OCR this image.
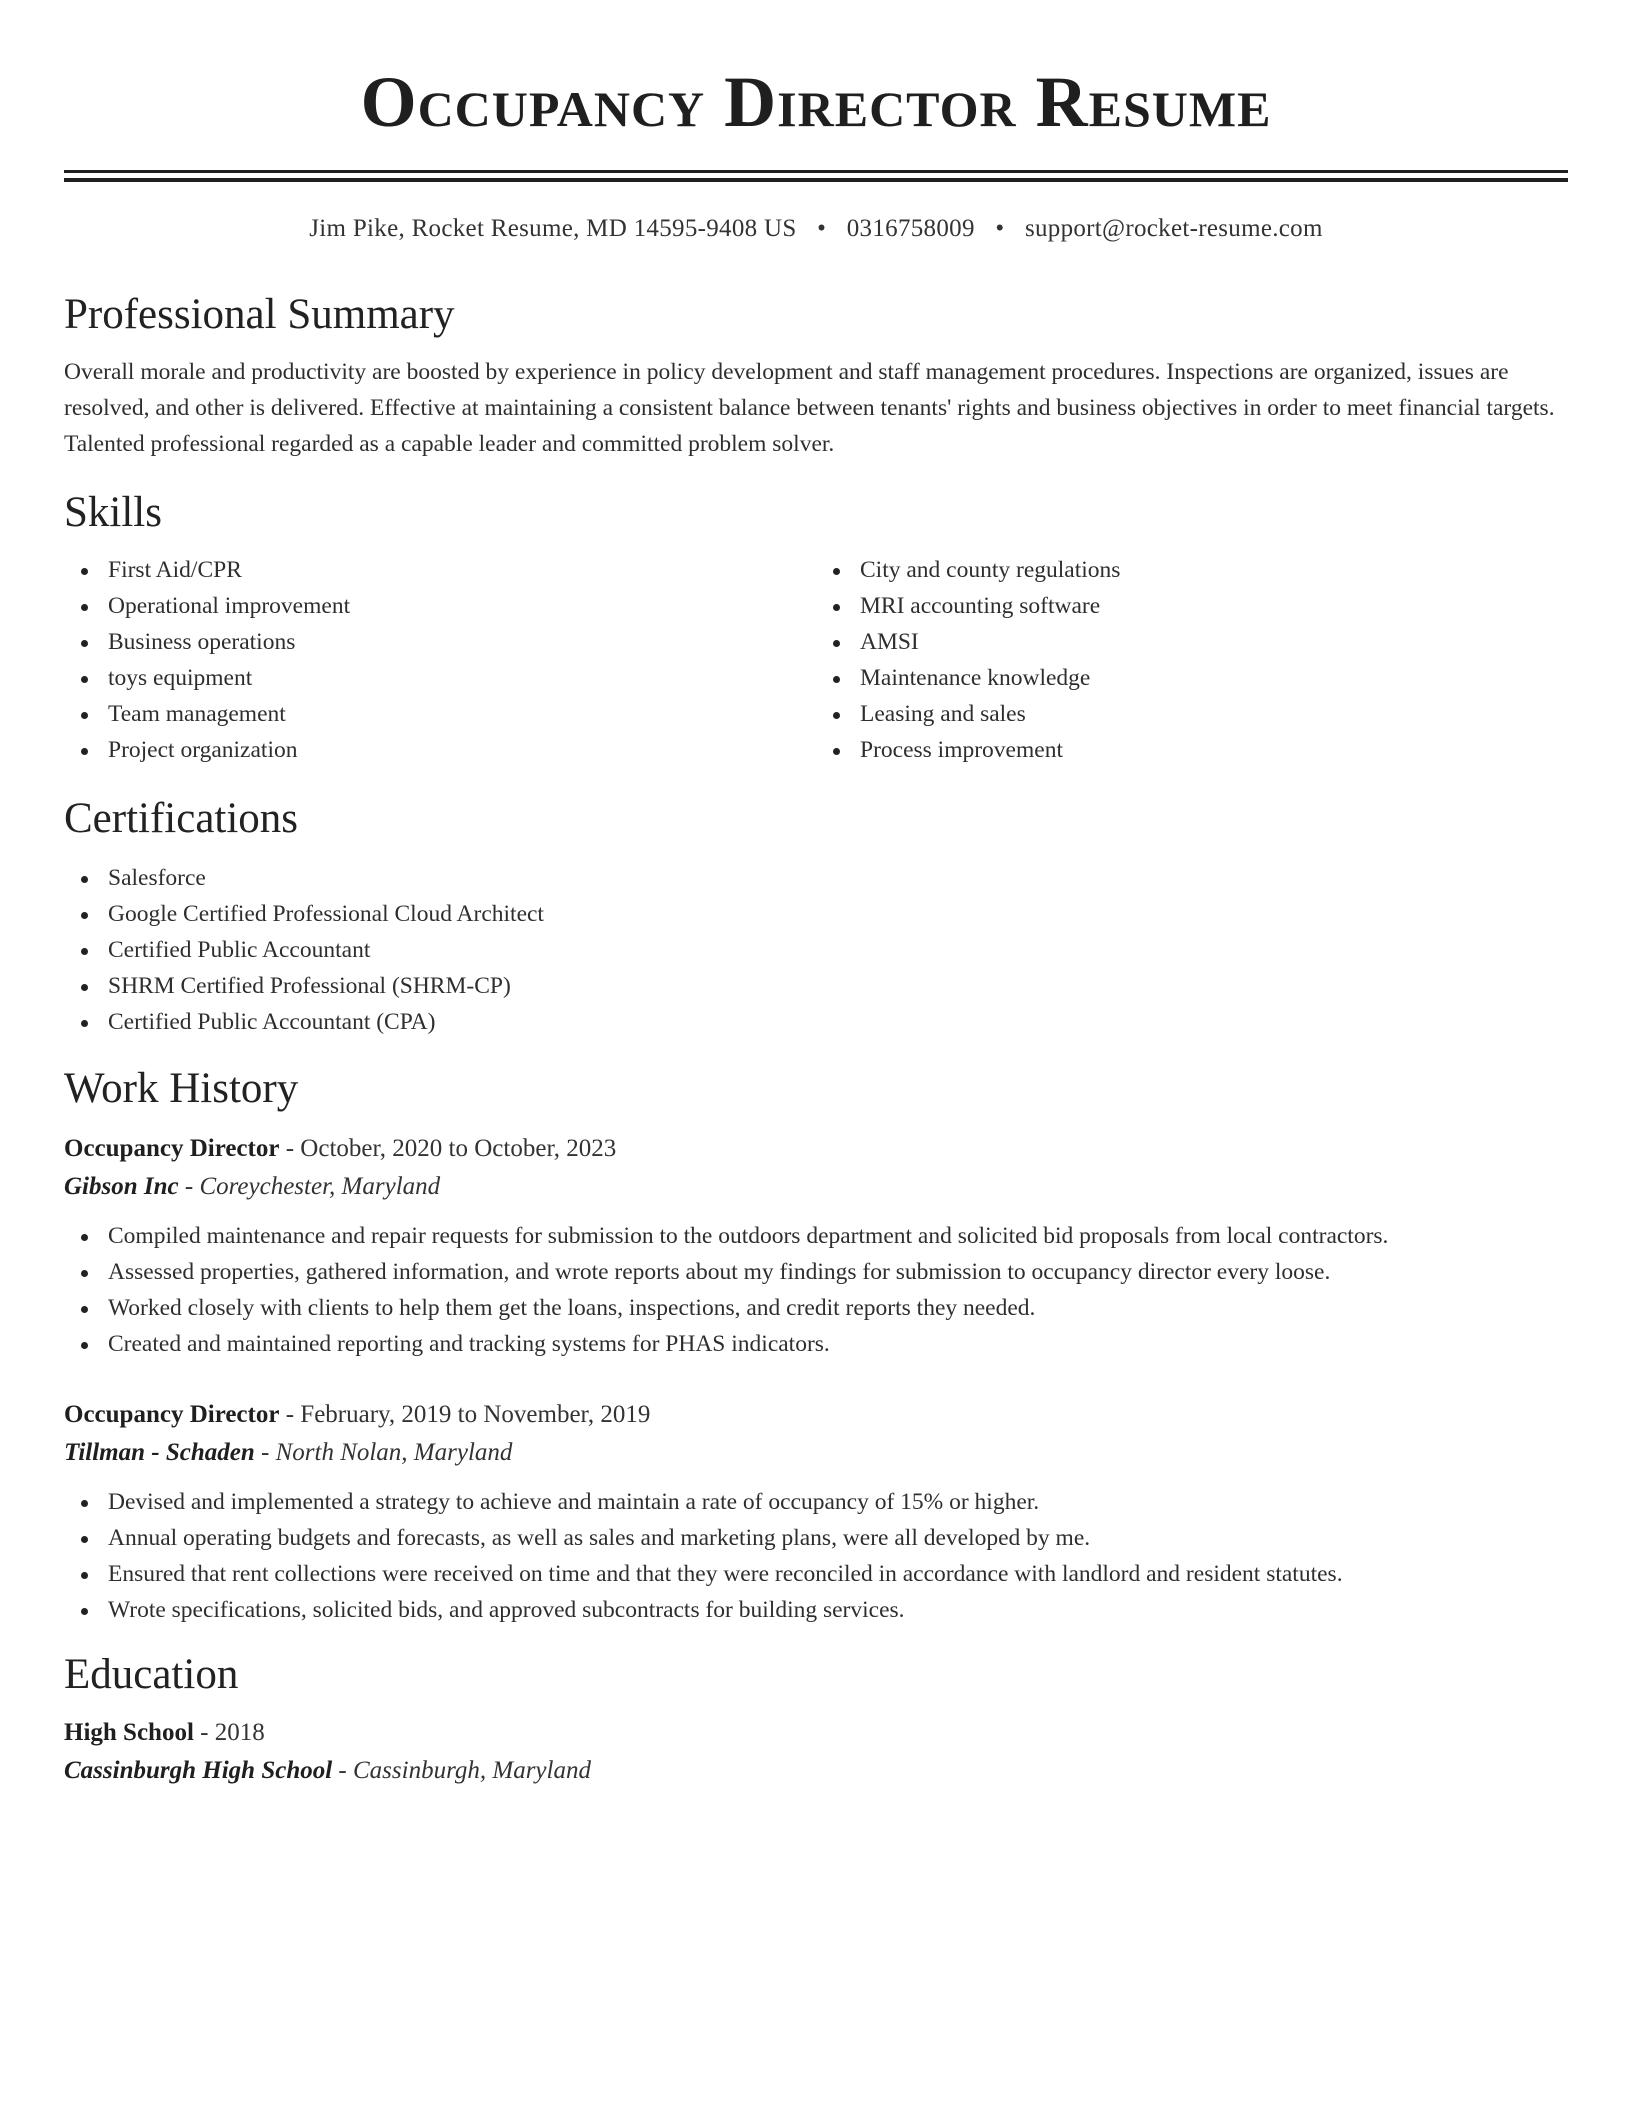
Occupancy Director Resume
Jim Pike, Rocket Resume, MD 14595-9408 US • 0316758009 • support@rocket-resume.com
Professional Summary
Overall morale and productivity are boosted by experience in policy development and staff management procedures. Inspections are organized, issues are resolved, and other is delivered. Effective at maintaining a consistent balance between tenants' rights and business objectives in order to meet financial targets. Talented professional regarded as a capable leader and committed problem solver.
Skills
First Aid/CPR
Operational improvement
Business operations
toys equipment
Team management
Project organization
City and county regulations
MRI accounting software
AMSI
Maintenance knowledge
Leasing and sales
Process improvement
Certifications
Salesforce
Google Certified Professional Cloud Architect
Certified Public Accountant
SHRM Certified Professional (SHRM-CP)
Certified Public Accountant (CPA)
Work History
Occupancy Director - October, 2020 to October, 2023
Gibson Inc - Coreychester, Maryland
Compiled maintenance and repair requests for submission to the outdoors department and solicited bid proposals from local contractors.
Assessed properties, gathered information, and wrote reports about my findings for submission to occupancy director every loose.
Worked closely with clients to help them get the loans, inspections, and credit reports they needed.
Created and maintained reporting and tracking systems for PHAS indicators.
Occupancy Director - February, 2019 to November, 2019
Tillman - Schaden - North Nolan, Maryland
Devised and implemented a strategy to achieve and maintain a rate of occupancy of 15% or higher.
Annual operating budgets and forecasts, as well as sales and marketing plans, were all developed by me.
Ensured that rent collections were received on time and that they were reconciled in accordance with landlord and resident statutes.
Wrote specifications, solicited bids, and approved subcontracts for building services.
Education
High School - 2018
Cassinburgh High School - Cassinburgh, Maryland
